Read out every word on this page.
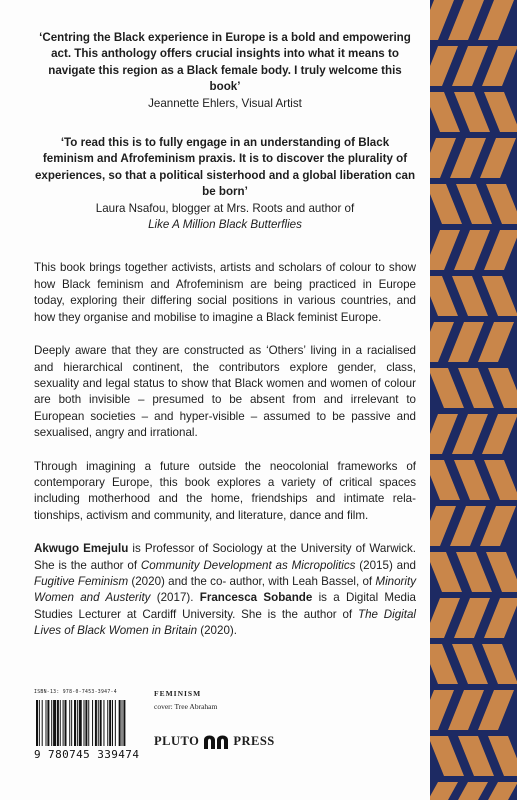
‘Centring the Black experience in Europe is a bold and empowering act. This anthology offers crucial insights into what it means to navigate this region as a Black female body. I truly welcome this book’
Jeannette Ehlers, Visual Artist
‘To read this is to fully engage in an understanding of Black feminism and Afrofeminism praxis. It is to discover the plurality of experiences, so that a political sisterhood and a global liberation can be born’
Laura Nsafou, blogger at Mrs. Roots and author of
Like A Million Black Butterflies

This book brings together activists, artists and scholars of colour to show how Black feminism and Afrofeminism are being practiced in Europe today, exploring their differing social positions in various countries, and how they organise and mobilise to imagine a Black feminist Europe.

Deeply aware that they are constructed as ‘Others’ living in a racialised and hierarchical continent, the contributors explore gender, class, sexuality and legal status to show that Black women and women of colour are both invisible – presumed to be absent from and irrelevant to European societies – and hyper-visible – assumed to be passive and sexualised, angry and irrational.

Through imagining a future outside the neocolonial frameworks of contemporary Europe, this book explores a variety of critical spaces including motherhood and the home, friendships and intimate relationships, activism and community, and literature, dance and film.

Akwugo Emejulu is Professor of Sociology at the University of Warwick. She is the author of Community Development as Micropolitics (2015) and Fugitive Feminism (2020) and the co- author, with Leah Bassel, of Minority Women and Austerity (2017). Francesca Sobande is a Digital Media Studies Lecturer at Cardiff University. She is the author of The Digital Lives of Black Women in Britain (2020).

ISBN-13: 978-0-7453-3947-4
9 780745 339474
FEMINISM
cover: Tree Abraham
PLUTO	PRESS
